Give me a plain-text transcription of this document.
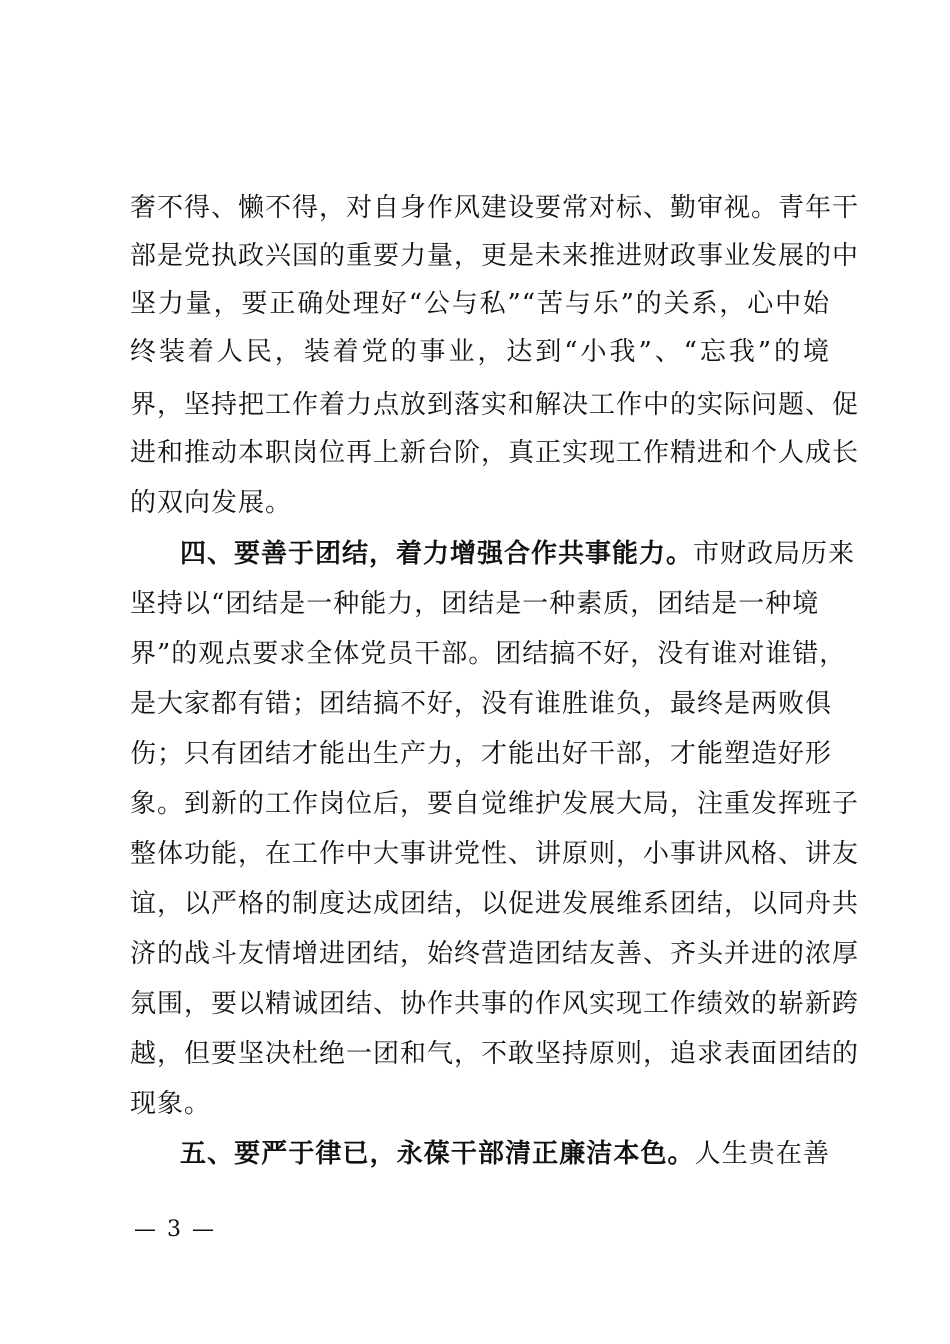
奢不得、懒不得，对自身作风建设要常对标、勤审视。青年干
部是党执政兴国的重要力量，更是未来推进财政事业发展的中
坚力量，要正确处理好“公与私”“苦与乐”的关系，心中始
终装着人民，装着党的事业，达到“小我”、“忘我”的境
界，坚持把工作着力点放到落实和解决工作中的实际问题、促
进和推动本职岗位再上新台阶，真正实现工作精进和个人成长
的双向发展。
四、要善于团结，着力增强合作共事能力。市财政局历来
坚持以“团结是一种能力，团结是一种素质，团结是一种境
界”的观点要求全体党员干部。团结搞不好，没有谁对谁错，
是大家都有错；团结搞不好，没有谁胜谁负，最终是两败俱
伤；只有团结才能出生产力，才能出好干部，才能塑造好形
象。到新的工作岗位后，要自觉维护发展大局，注重发挥班子
整体功能，在工作中大事讲党性、讲原则，小事讲风格、讲友
谊，以严格的制度达成团结，以促进发展维系团结，以同舟共
济的战斗友情增进团结，始终营造团结友善、齐头并进的浓厚
氛围，要以精诚团结、协作共事的作风实现工作绩效的崭新跨
越，但要坚决杜绝一团和气，不敢坚持原则，追求表面团结的
现象。
五、要严于律已，永葆干部清正廉洁本色。人生贵在善
— 3 —
